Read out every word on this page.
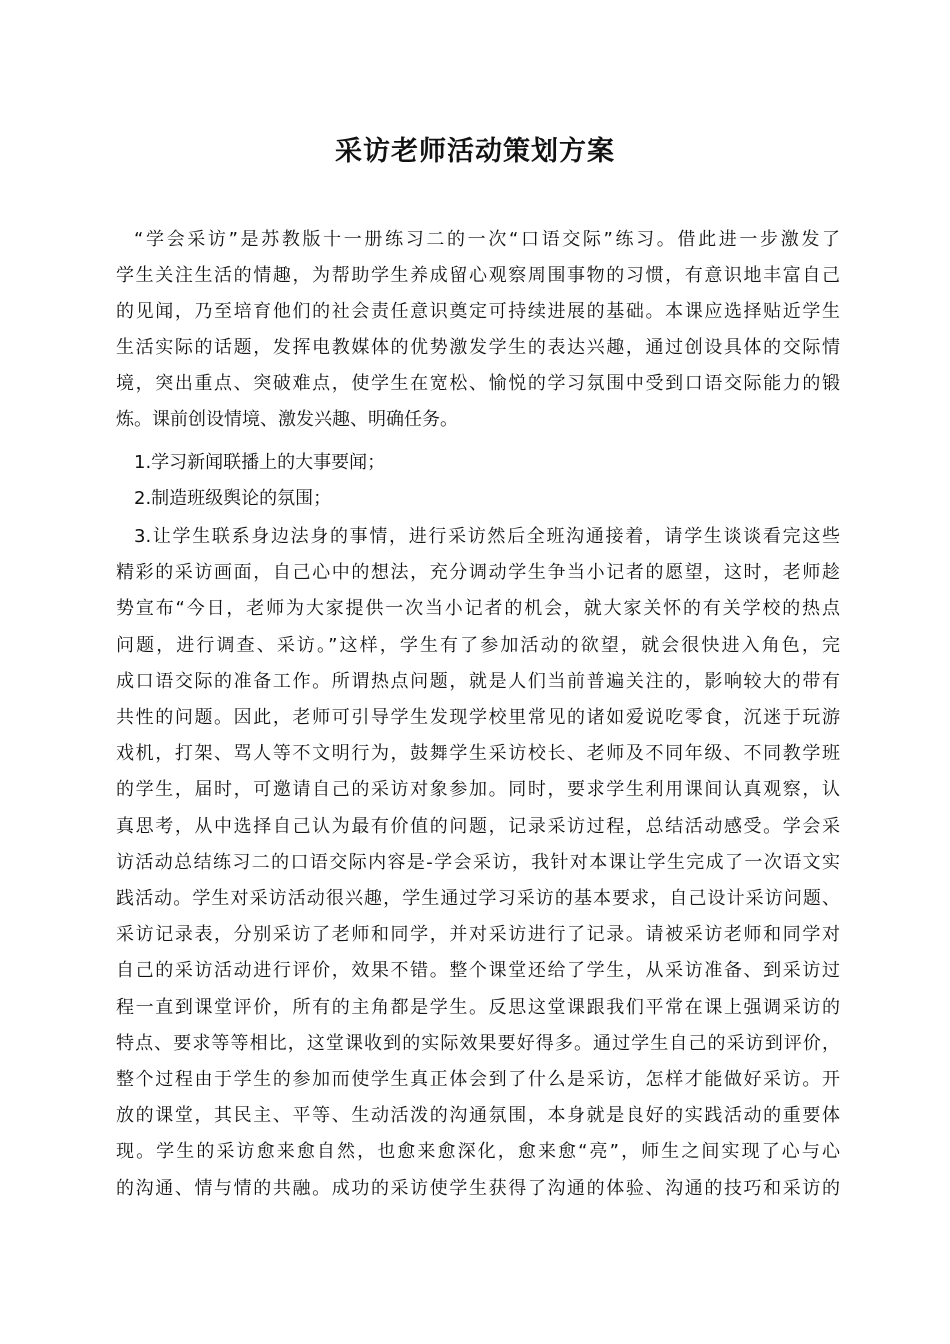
采访老师活动策划方案
“学会采访”是苏教版十一册练习二的一次“口语交际”练习。借此进一步激发了
学生关注生活的情趣，为帮助学生养成留心观察周围事物的习惯，有意识地丰富自己
的见闻，乃至培育他们的社会责任意识奠定可持续进展的基础。本课应选择贴近学生
生活实际的话题，发挥电教媒体的优势激发学生的表达兴趣，通过创设具体的交际情
境，突出重点、突破难点，使学生在宽松、愉悦的学习氛围中受到口语交际能力的锻
炼。课前创设情境、激发兴趣、明确任务。
1.学习新闻联播上的大事要闻；
2.制造班级舆论的氛围；
3.让学生联系身边法身的事情，进行采访然后全班沟通接着，请学生谈谈看完这些
精彩的采访画面，自己心中的想法，充分调动学生争当小记者的愿望，这时，老师趁
势宣布“今日，老师为大家提供一次当小记者的机会，就大家关怀的有关学校的热点
问题，进行调查、采访。”这样，学生有了参加活动的欲望，就会很快进入角色，完
成口语交际的准备工作。所谓热点问题，就是人们当前普遍关注的，影响较大的带有
共性的问题。因此，老师可引导学生发现学校里常见的诸如爱说吃零食，沉迷于玩游
戏机，打架、骂人等不文明行为，鼓舞学生采访校长、老师及不同年级、不同教学班
的学生，届时，可邀请自己的采访对象参加。同时，要求学生利用课间认真观察，认
真思考，从中选择自己认为最有价值的问题，记录采访过程，总结活动感受。学会采
访活动总结练习二的口语交际内容是-学会采访，我针对本课让学生完成了一次语文实
践活动。学生对采访活动很兴趣，学生通过学习采访的基本要求，自己设计采访问题、
采访记录表，分别采访了老师和同学，并对采访进行了记录。请被采访老师和同学对
自己的采访活动进行评价，效果不错。整个课堂还给了学生，从采访准备、到采访过
程一直到课堂评价，所有的主角都是学生。反思这堂课跟我们平常在课上强调采访的
特点、要求等等相比，这堂课收到的实际效果要好得多。通过学生自己的采访到评价，
整个过程由于学生的参加而使学生真正体会到了什么是采访，怎样才能做好采访。开
放的课堂，其民主、平等、生动活泼的沟通氛围，本身就是良好的实践活动的重要体
现。学生的采访愈来愈自然，也愈来愈深化，愈来愈“亮”，师生之间实现了心与心
的沟通、情与情的共融。成功的采访使学生获得了沟通的体验、沟通的技巧和采访的
